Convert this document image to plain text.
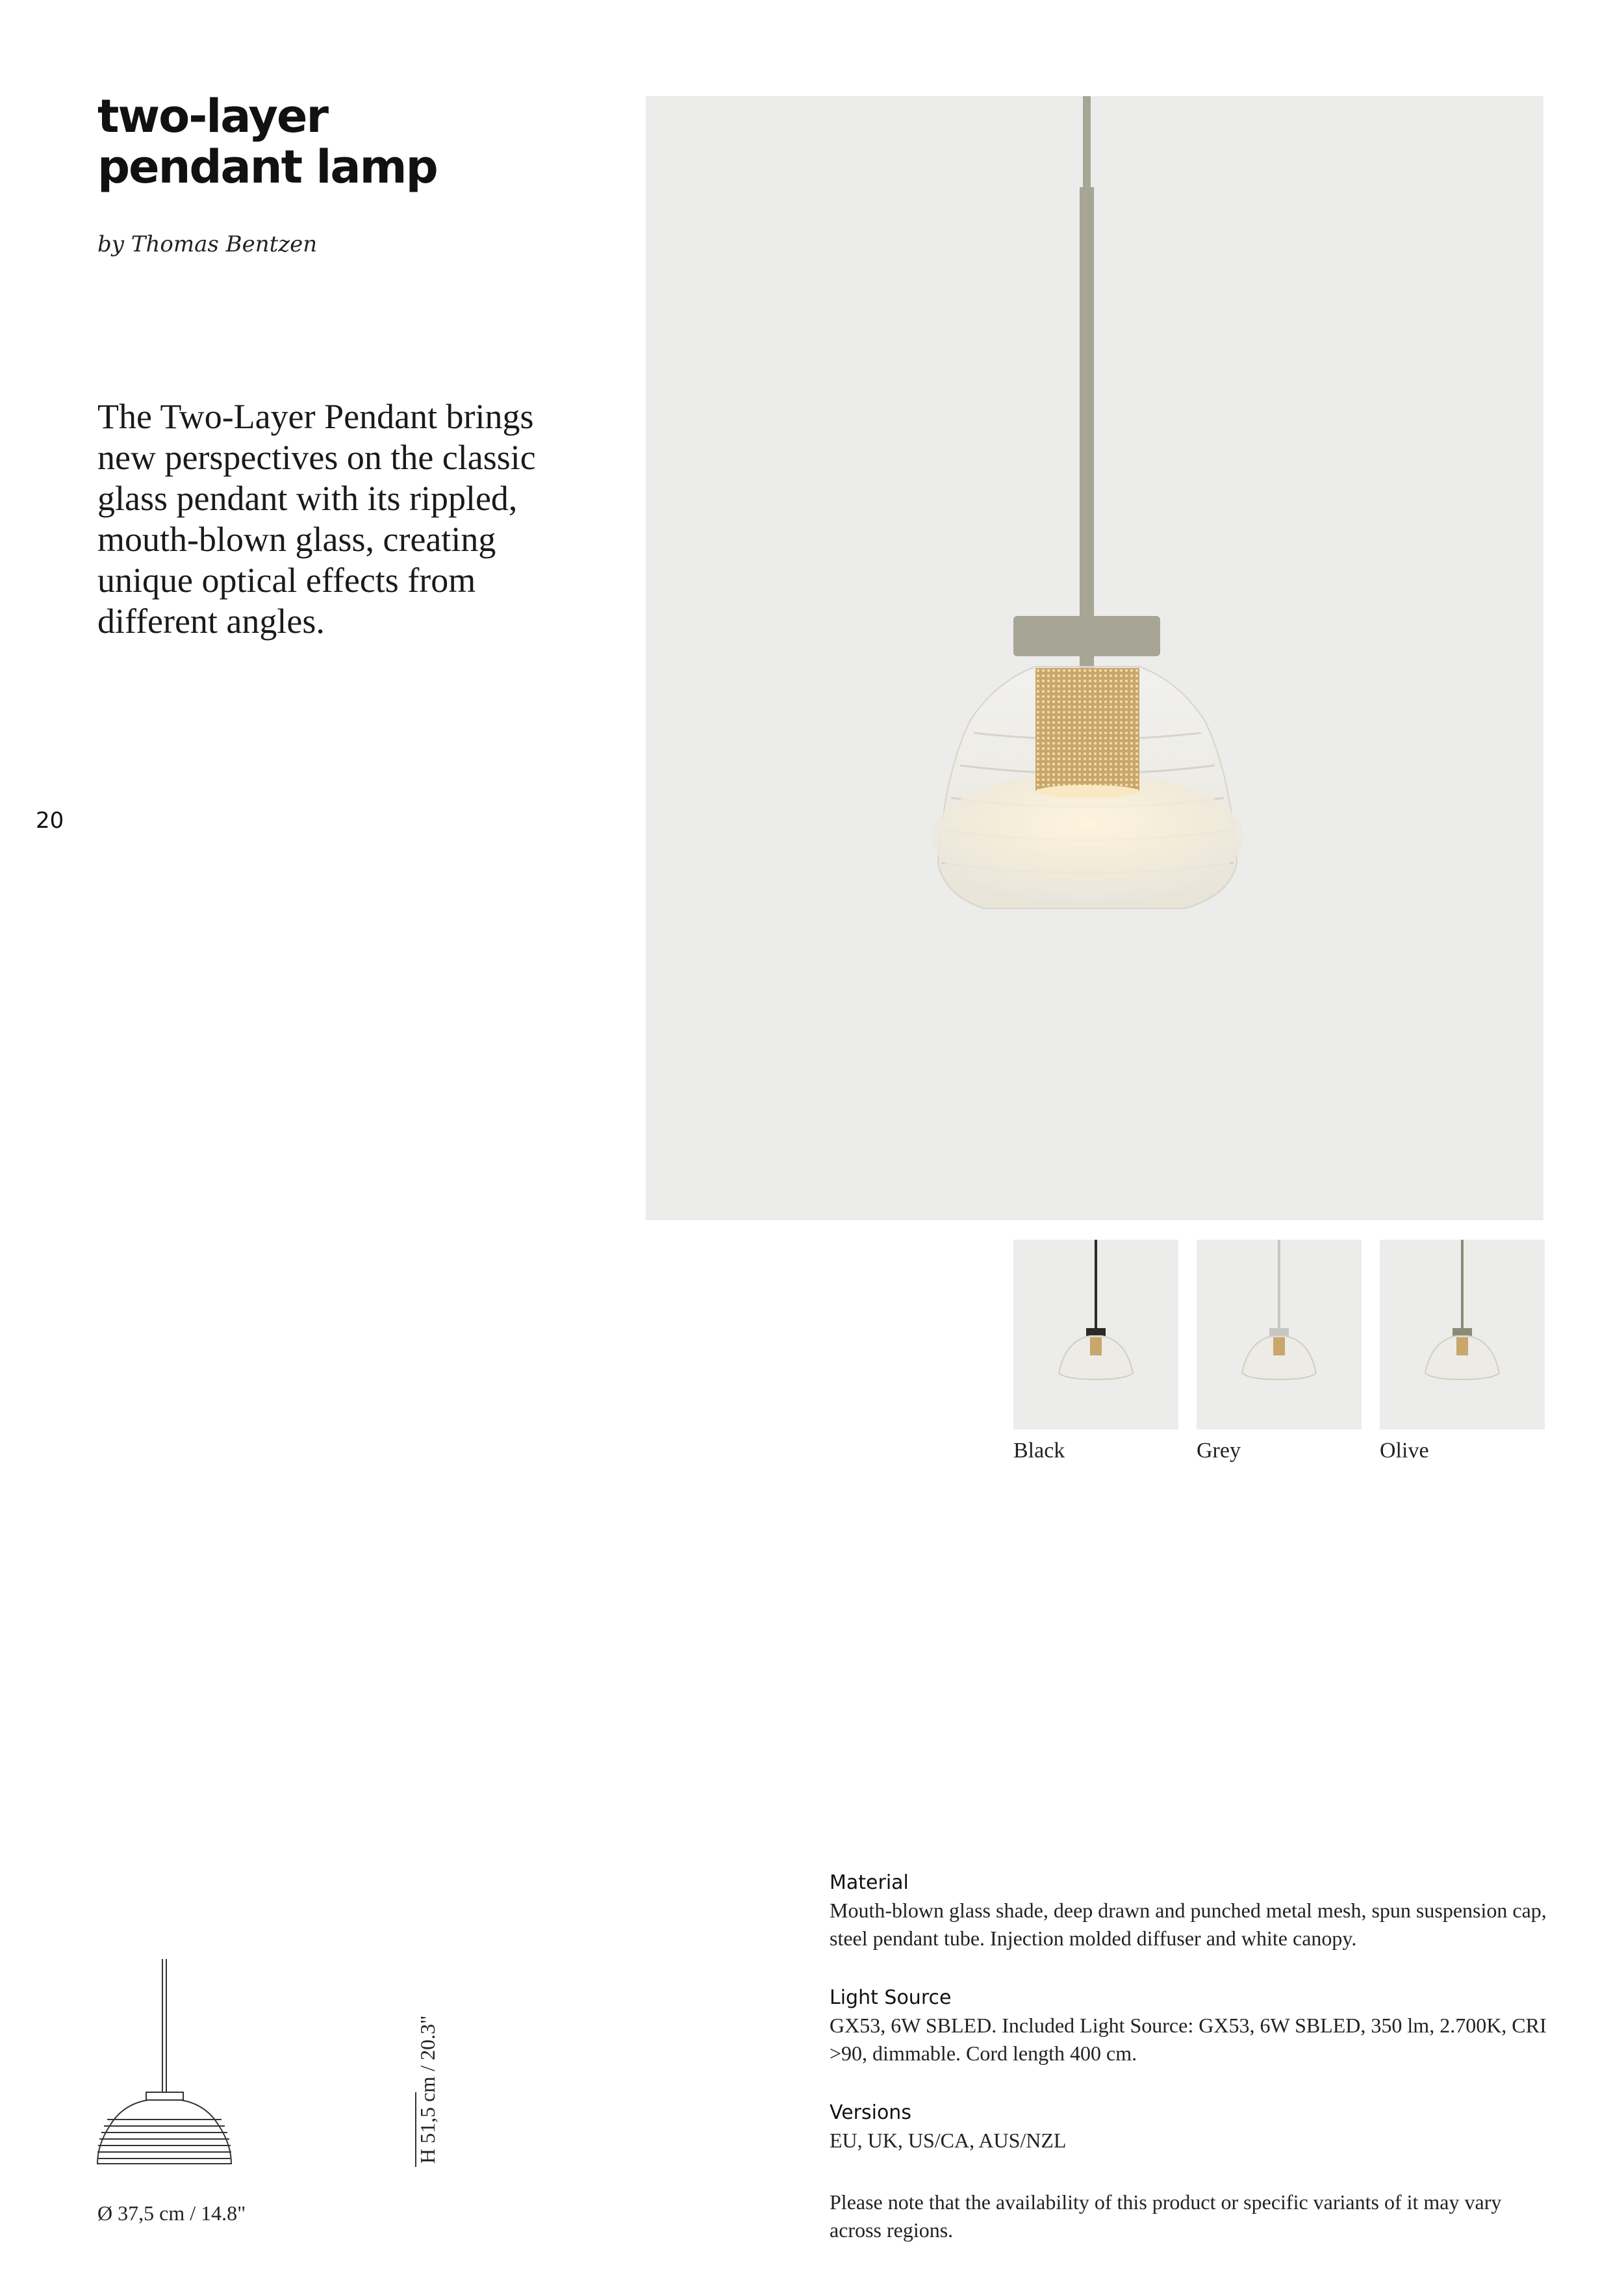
two-layer
pendant lamp
by Thomas Bentzen
The Two-Layer Pendant brings new perspectives on the classic glass pendant with its rippled, mouth-blown glass, creating unique optical effects from different angles.
20
Black	Grey	Olive
H 51,5 cm / 20.3"
Ø 37,5 cm / 14.8"
Material
Mouth-blown glass shade, deep drawn and punched metal mesh, spun suspension cap, steel pendant tube. Injection molded diffuser and white canopy.
Light Source
GX53, 6W SBLED. Included Light Source: GX53, 6W SBLED, 350 lm, 2.700K, CRI >90, dimmable. Cord length 400 cm.
Versions
EU, UK, US/CA, AUS/NZL
Please note that the availability of this product or specific variants of it may vary across regions.
